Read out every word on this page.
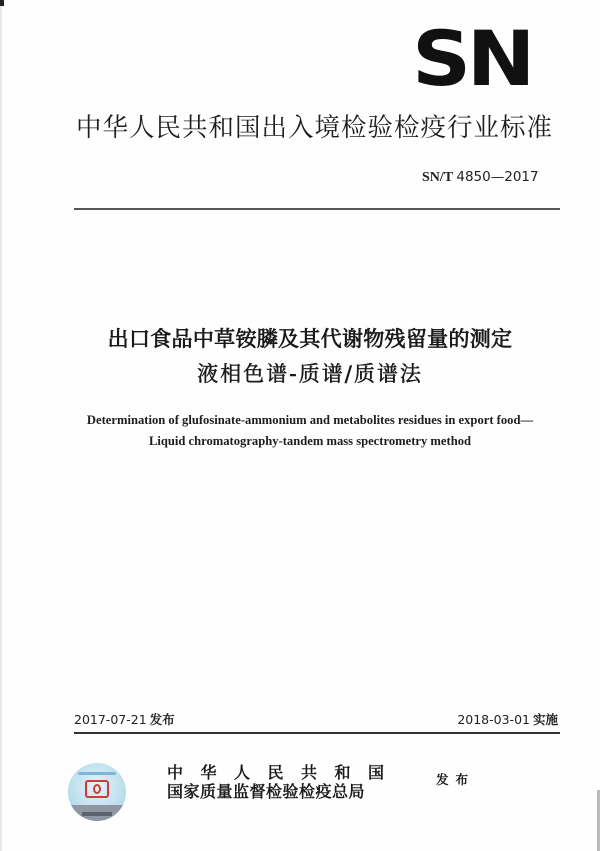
SN
中华人民共和国出入境检验检疫行业标准
SN/T 4850—2017
出口食品中草铵膦及其代谢物残留量的测定
液相色谱-质谱/质谱法
Determination of glufosinate-ammonium and metabolites residues in export food—
Liquid chromatography-tandem mass spectrometry method
2017-07-21 发布	2018-03-01 实施
中华人民共和国
国家质量监督检验检疫总局
发布
